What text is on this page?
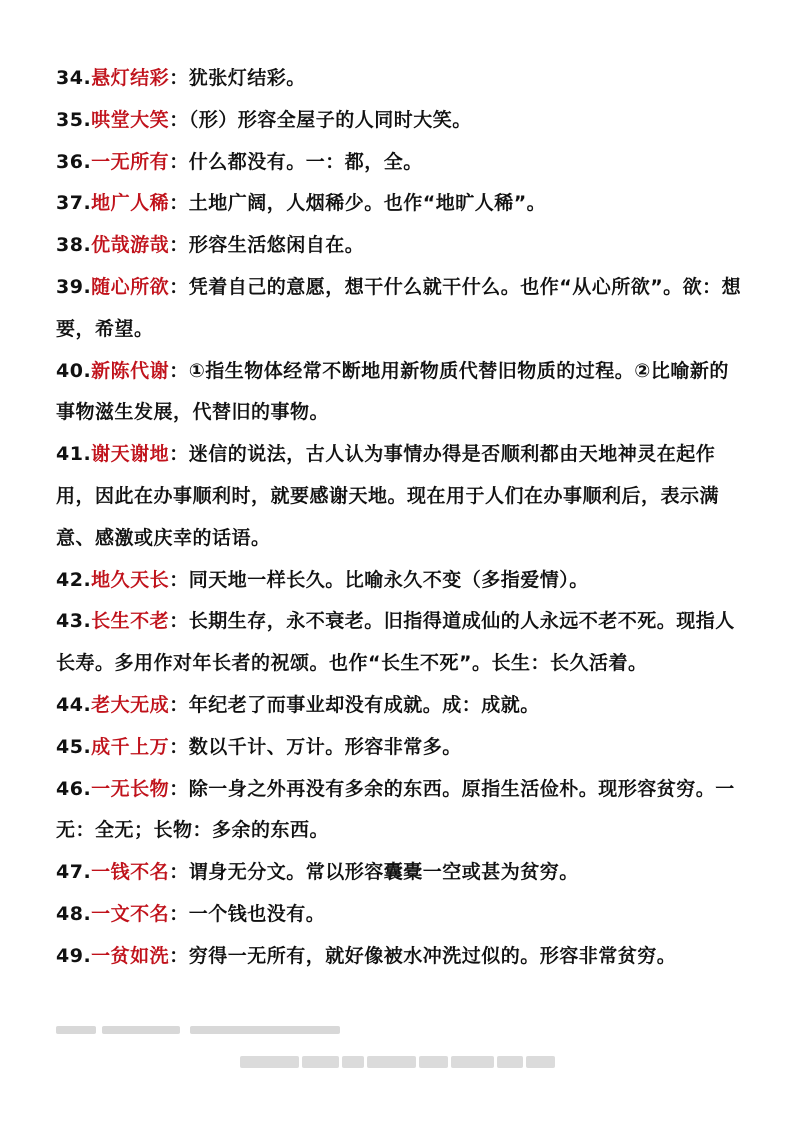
34.悬灯结彩：犹张灯结彩。
35.哄堂大笑：（形）形容全屋子的人同时大笑。
36.一无所有：什么都没有。一：都，全。
37.地广人稀：土地广阔，人烟稀少。也作“地旷人稀”。
38.优哉游哉：形容生活悠闲自在。
39.随心所欲：凭着自己的意愿，想干什么就干什么。也作“从心所欲”。欲：想要，希望。
40.新陈代谢：①指生物体经常不断地用新物质代替旧物质的过程。②比喻新的事物滋生发展，代替旧的事物。
41.谢天谢地：迷信的说法，古人认为事情办得是否顺利都由天地神灵在起作用，因此在办事顺利时，就要感谢天地。现在用于人们在办事顺利后，表示满意、感激或庆幸的话语。
42.地久天长：同天地一样长久。比喻永久不变（多指爱情）。
43.长生不老：长期生存，永不衰老。旧指得道成仙的人永远不老不死。现指人长寿。多用作对年长者的祝颂。也作“长生不死”。长生：长久活着。
44.老大无成：年纪老了而事业却没有成就。成：成就。
45.成千上万：数以千计、万计。形容非常多。
46.一无长物：除一身之外再没有多余的东西。原指生活俭朴。现形容贫穷。一无：全无；长物：多余的东西。
47.一钱不名：谓身无分文。常以形容囊橐一空或甚为贫穷。
48.一文不名：一个钱也没有。
49.一贫如洗：穷得一无所有，就好像被水冲洗过似的。形容非常贫穷。
